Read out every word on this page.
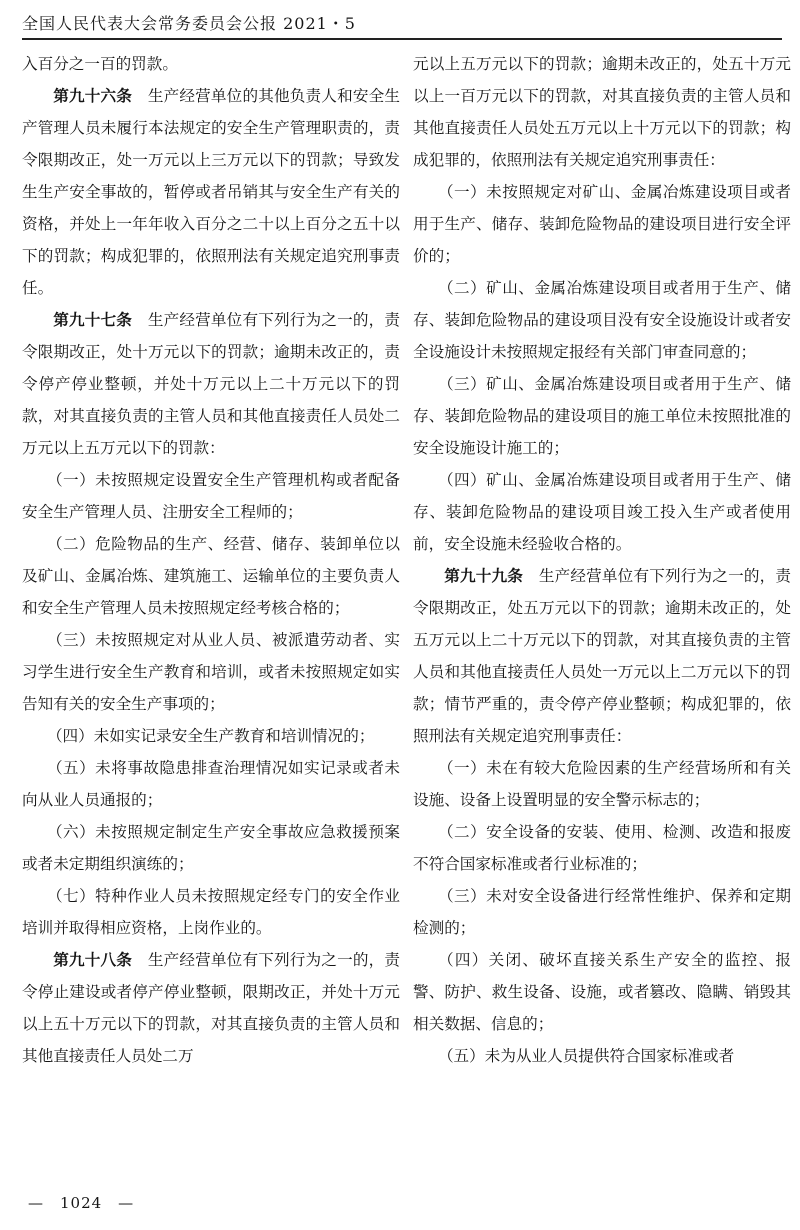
全国人民代表大会常务委员会公报 2021・5

入百分之一百的罚款。

第九十六条　生产经营单位的其他负责人和安全生产管理人员未履行本法规定的安全生产管理职责的，责令限期改正，处一万元以上三万元以下的罚款；导致发生生产安全事故的，暂停或者吊销其与安全生产有关的资格，并处上一年年收入百分之二十以上百分之五十以下的罚款；构成犯罪的，依照刑法有关规定追究刑事责任。

第九十七条　生产经营单位有下列行为之一的，责令限期改正，处十万元以下的罚款；逾期未改正的，责令停产停业整顿，并处十万元以上二十万元以下的罚款，对其直接负责的主管人员和其他直接责任人员处二万元以上五万元以下的罚款：

（一）未按照规定设置安全生产管理机构或者配备安全生产管理人员、注册安全工程师的；

（二）危险物品的生产、经营、储存、装卸单位以及矿山、金属冶炼、建筑施工、运输单位的主要负责人和安全生产管理人员未按照规定经考核合格的；

（三）未按照规定对从业人员、被派遣劳动者、实习学生进行安全生产教育和培训，或者未按照规定如实告知有关的安全生产事项的；

（四）未如实记录安全生产教育和培训情况的；

（五）未将事故隐患排查治理情况如实记录或者未向从业人员通报的；

（六）未按照规定制定生产安全事故应急救援预案或者未定期组织演练的；

（七）特种作业人员未按照规定经专门的安全作业培训并取得相应资格，上岗作业的。

第九十八条　生产经营单位有下列行为之一的，责令停止建设或者停产停业整顿，限期改正，并处十万元以上五十万元以下的罚款，对其直接负责的主管人员和其他直接责任人员处二万

元以上五万元以下的罚款；逾期未改正的，处五十万元以上一百万元以下的罚款，对其直接负责的主管人员和其他直接责任人员处五万元以上十万元以下的罚款；构成犯罪的，依照刑法有关规定追究刑事责任：

（一）未按照规定对矿山、金属冶炼建设项目或者用于生产、储存、装卸危险物品的建设项目进行安全评价的；

（二）矿山、金属冶炼建设项目或者用于生产、储存、装卸危险物品的建设项目没有安全设施设计或者安全设施设计未按照规定报经有关部门审查同意的；

（三）矿山、金属冶炼建设项目或者用于生产、储存、装卸危险物品的建设项目的施工单位未按照批准的安全设施设计施工的；

（四）矿山、金属冶炼建设项目或者用于生产、储存、装卸危险物品的建设项目竣工投入生产或者使用前，安全设施未经验收合格的。

第九十九条　生产经营单位有下列行为之一的，责令限期改正，处五万元以下的罚款；逾期未改正的，处五万元以上二十万元以下的罚款，对其直接负责的主管人员和其他直接责任人员处一万元以上二万元以下的罚款；情节严重的，责令停产停业整顿；构成犯罪的，依照刑法有关规定追究刑事责任：

（一）未在有较大危险因素的生产经营场所和有关设施、设备上设置明显的安全警示标志的；

（二）安全设备的安装、使用、检测、改造和报废不符合国家标准或者行业标准的；

（三）未对安全设备进行经常性维护、保养和定期检测的；

（四）关闭、破坏直接关系生产安全的监控、报警、防护、救生设备、设施，或者篡改、隐瞒、销毁其相关数据、信息的；

（五）未为从业人员提供符合国家标准或者

—　1024　—
